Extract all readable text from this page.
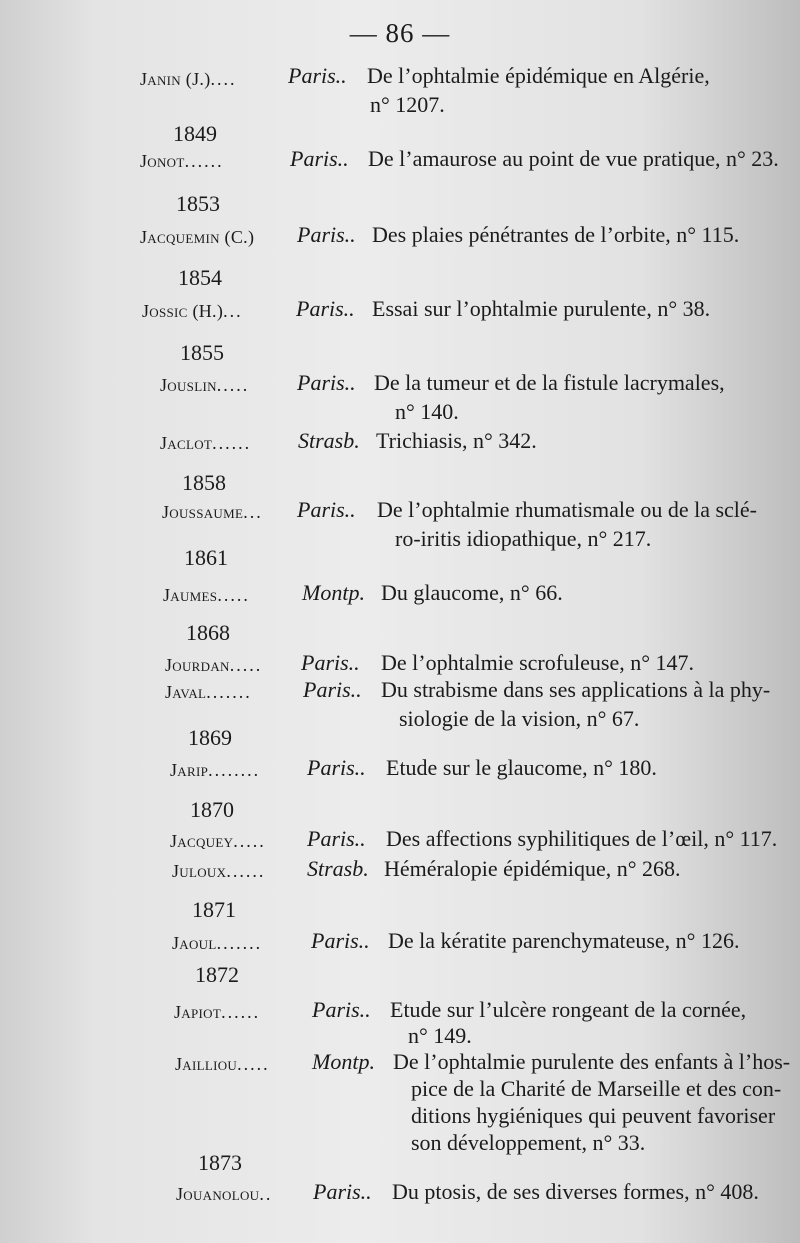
— 86 —
1849
1853
1854
1855
1858
1861
1868
1869
1870
1871
1872
1873
Janin (J.).... Paris.. De l’ophtalmie épidémique en Algérie,
n° 1207.
Jonot......	Paris.. De l’amaurose au point de vue pratique, n° 23.
Jacquemin (C.) Paris.. Des plaies pénétrantes de l’orbite, n° 115.
Jossic (H.)... Paris.. Essai sur l’ophtalmie purulente, n° 38.
Jouslin..... Paris.. De la tumeur et de la fistule lacrymales,
n° 140.
Jaclot...... Strasb. Trichiasis, n° 342.
Joussaume... Paris.. De l’ophtalmie rhumatismale ou de la sclé-
ro-iritis idiopathique, n° 217.
Jaumes..... Montp. Du glaucome, n° 66.
Jourdan..... Paris.. De l’ophtalmie scrofuleuse, n° 147.
Javal....... Paris.. Du strabisme dans ses applications à la phy-
siologie de la vision, n° 67.
Jarip........ Paris.. Etude sur le glaucome, n° 180.
Jacquey..... Paris.. Des affections syphilitiques de l’œil, n° 117.
Juloux...... Strasb. Héméralopie épidémique, n° 268.
Jaoul....... Paris.. De la kératite parenchymateuse, n° 126.
Japiot...... Paris.. Etude sur l’ulcère rongeant de la cornée,
n° 149.
Jailliou..... Montp. De l’ophtalmie purulente des enfants à l’hos-
pice de la Charité de Marseille et des con-
ditions hygiéniques qui peuvent favoriser
son développement, n° 33.
Jouanolou.. Paris.. Du ptosis, de ses diverses formes, n° 408.
